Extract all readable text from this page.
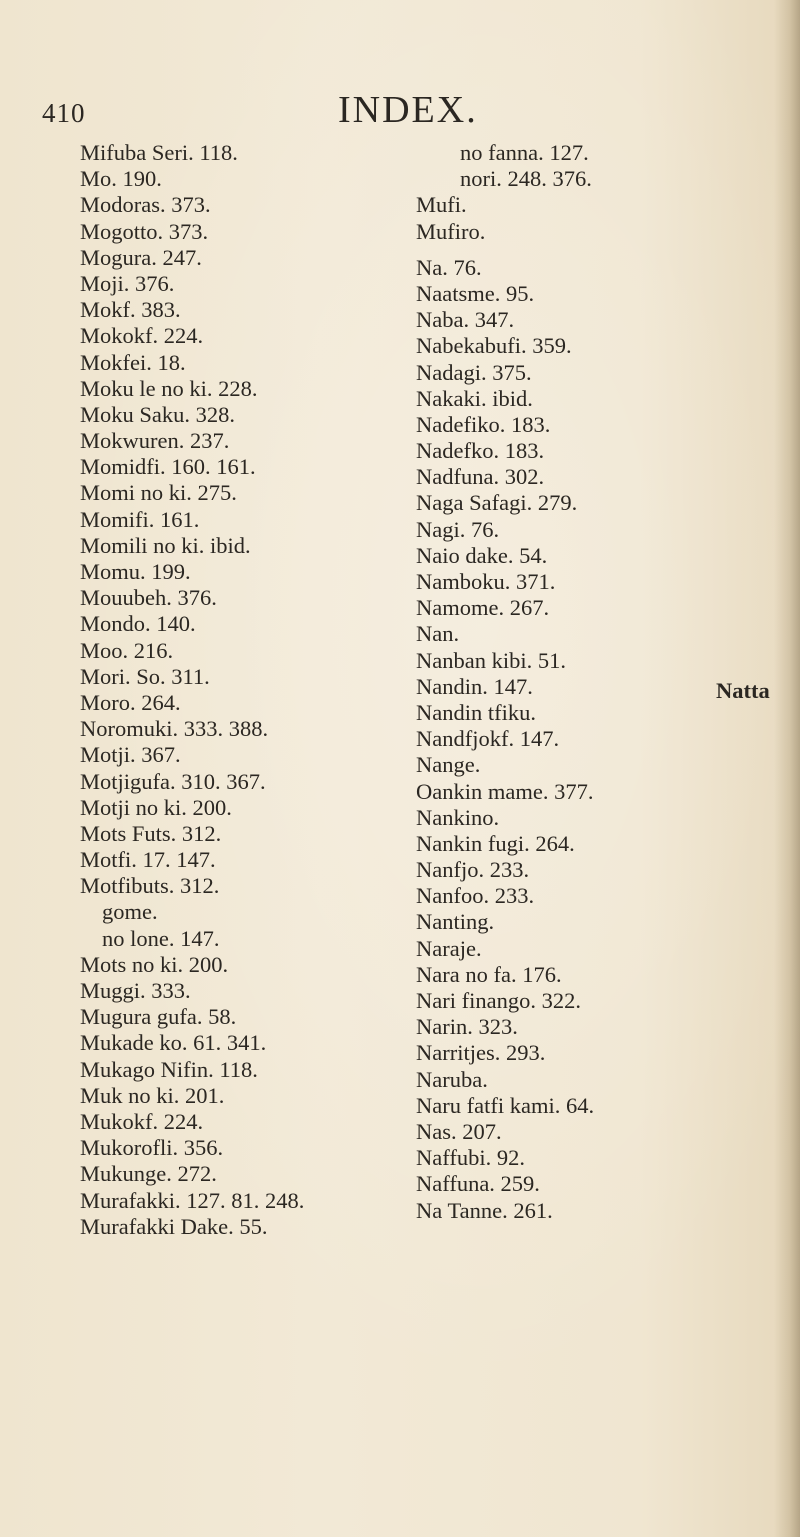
410	INDEX.
Mifuba Seri. 118.
Mo. 190.
Modoras. 373.
Mogotto. 373.
Mogura. 247.
Moji. 376.
Mokf. 383.
Mokokf. 224.
Mokfei. 18.
Moku le no ki. 228.
Moku Saku. 328.
Mokwuren. 237.
Momidfi. 160. 161.
Momi no ki. 275.
Momifi. 161.
Momili no ki. ibid.
Momu. 199.
Mouubeh. 376.
Mondo. 140.
Moo. 216.
Mori. So. 311.
Moro. 264.
Noromuki. 333. 388.
Motji. 367.
Motjigufa. 310. 367.
Motji no ki. 200.
Mots Futs. 312.
Motfi. 17. 147.
Motfibuts. 312.
gome.
no lone. 147.
Mots no ki. 200.
Muggi. 333.
Mugura gufa. 58.
Mukade ko. 61. 341.
Mukago Nifin. 118.
Muk no ki. 201.
Mukokf. 224.
Mukorofli. 356.
Mukunge. 272.
Murafakki. 127. 81. 248.
Murafakki Dake. 55.
no fanna. 127.
nori. 248. 376.
Mufi.
Mufiro.
Na. 76.
Naatsme. 95.
Naba. 347.
Nabekabufi. 359.
Nadagi. 375.
Nakaki. ibid.
Nadefiko. 183.
Nadefko. 183.
Nadfuna. 302.
Naga Safagi. 279.
Nagi. 76.
Naio dake. 54.
Namboku. 371.
Namome. 267.
Nan.
Nanban kibi. 51.
Nandin. 147.
Nandin tfiku.
Nandfjokf. 147.
Nange.
Oankin mame. 377.
Nankino.
Nankin fugi. 264.
Nanfjo. 233.
Nanfoo. 233.
Nanting.
Naraje.
Nara no fa. 176.
Nari finango. 322.
Narin. 323.
Narritjes. 293.
Naruba.
Naru fatfi kami. 64.
Nas. 207.
Naffubi. 92.
Naffuna. 259.
Na Tanne. 261.
Natta
